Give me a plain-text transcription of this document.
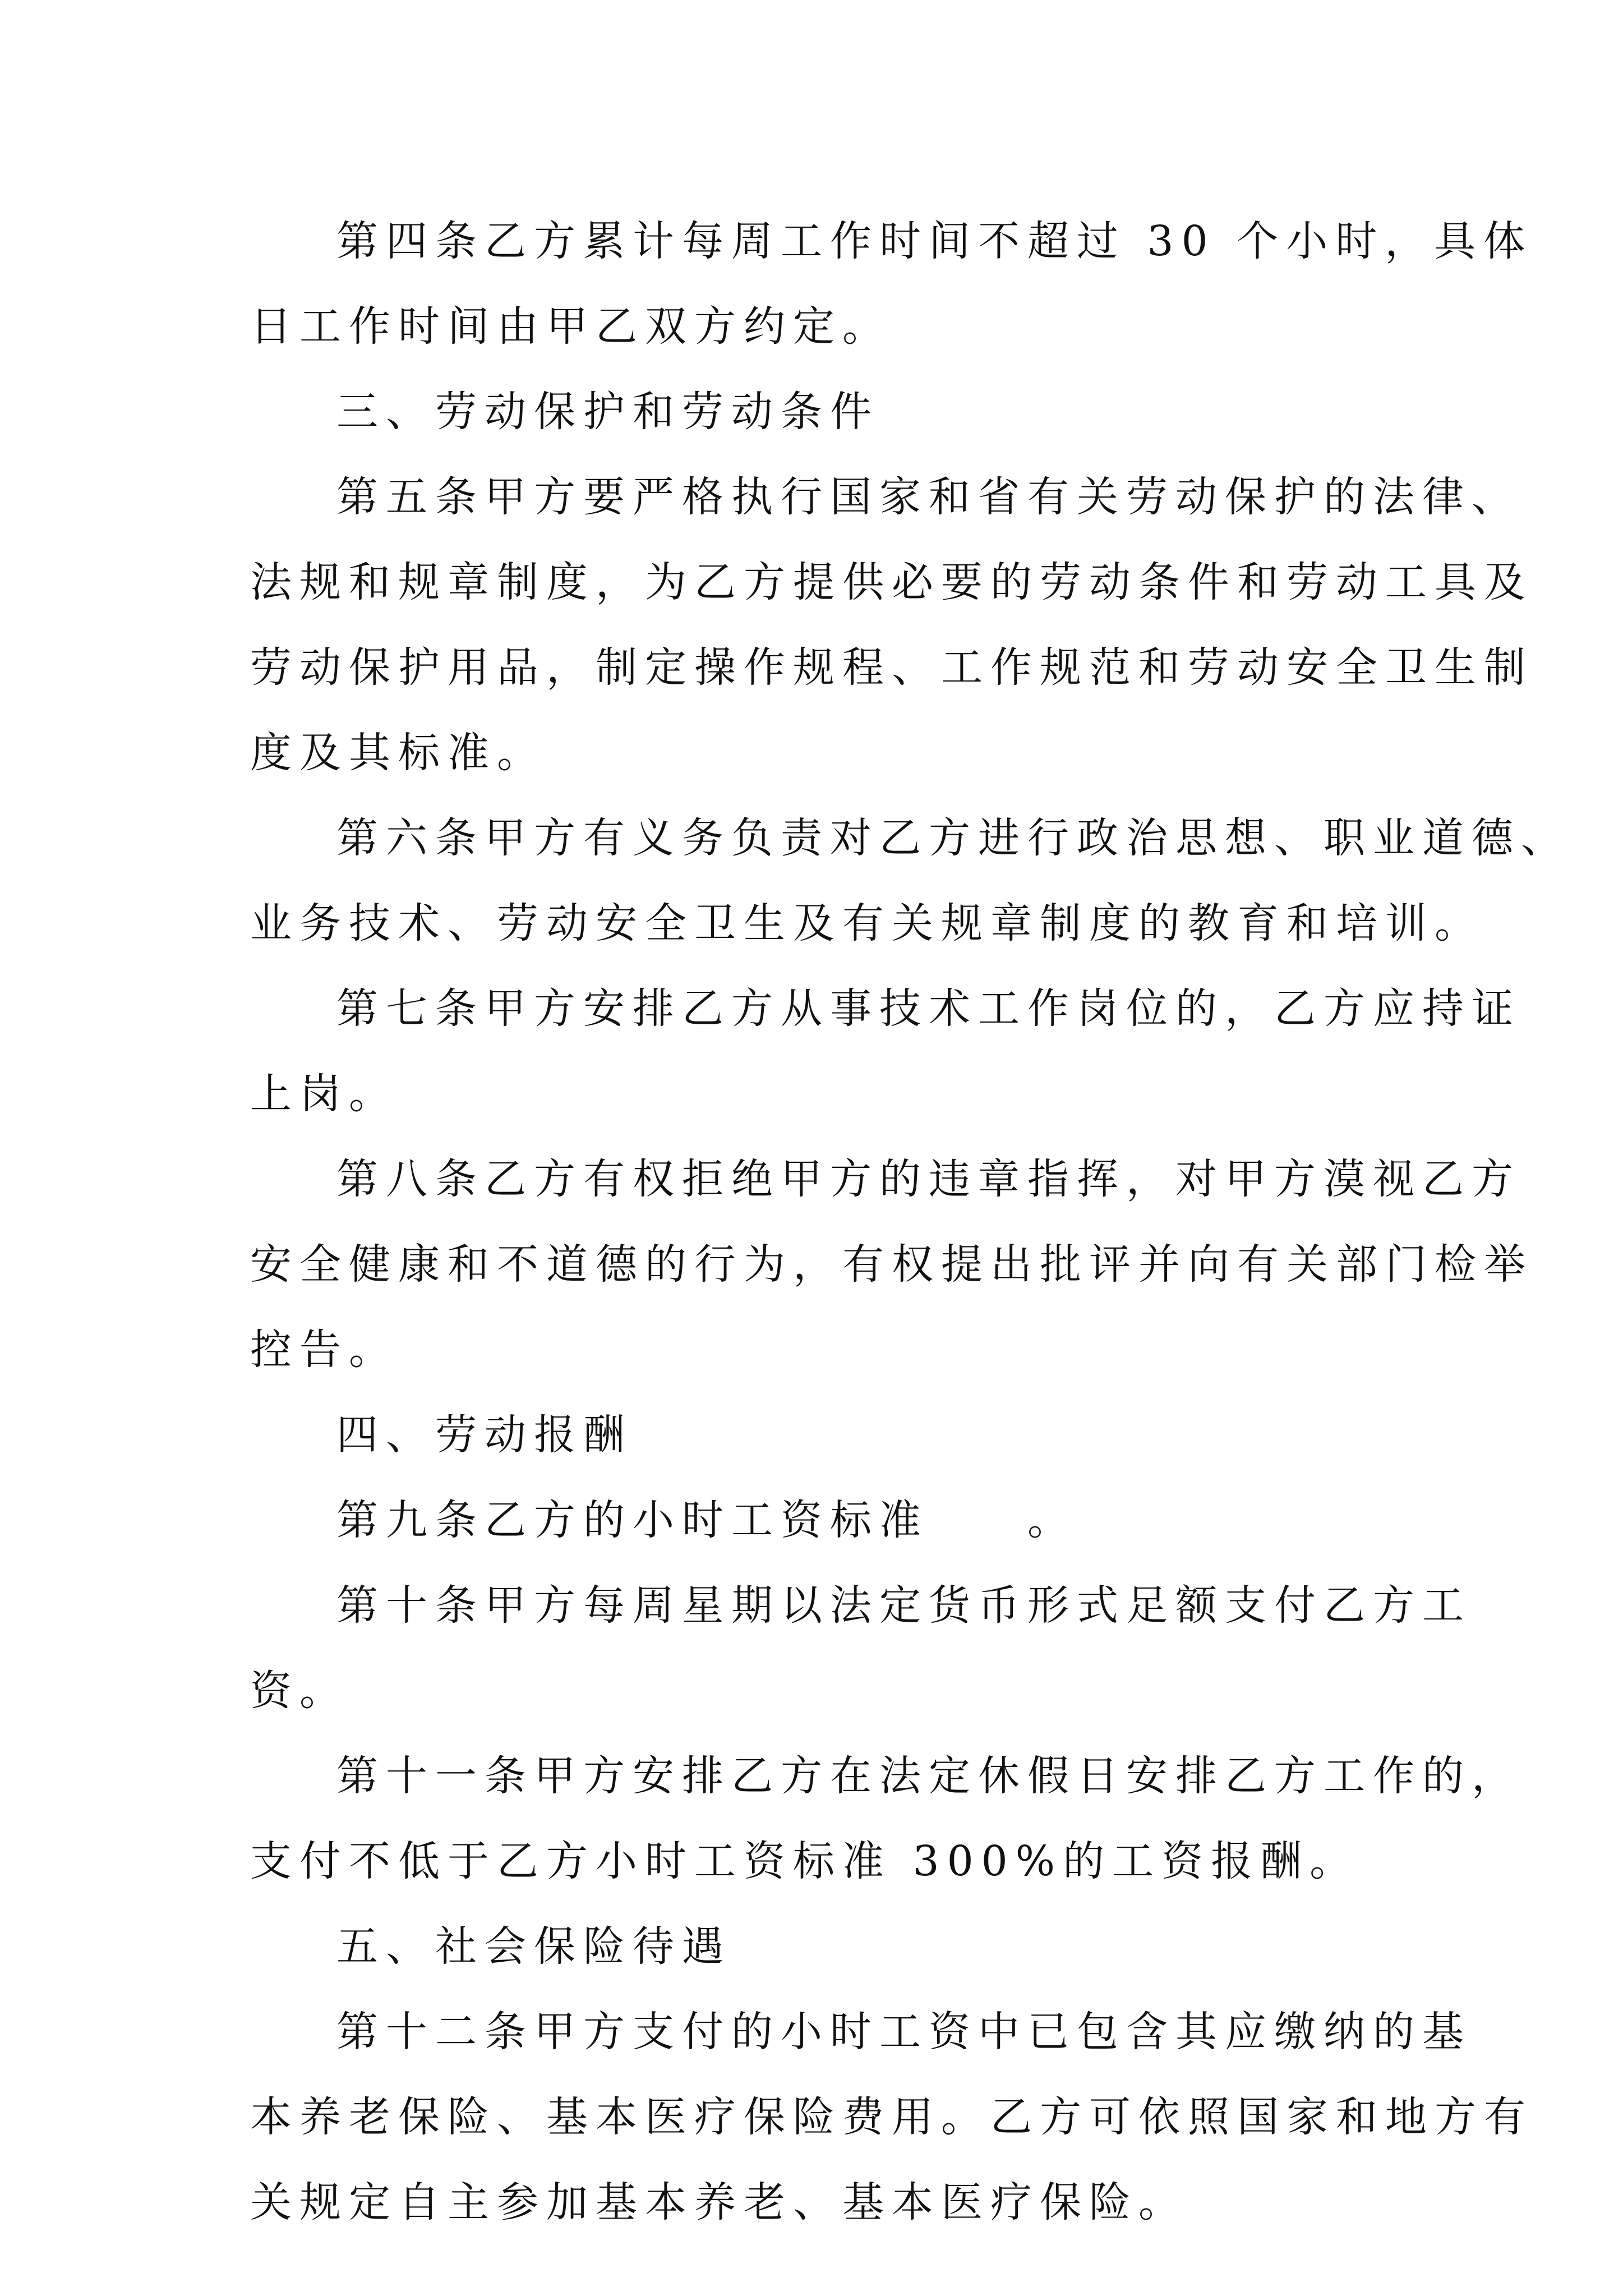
第四条乙方累计每周工作时间不超过 30 个小时，具体
日工作时间由甲乙双方约定。
三、劳动保护和劳动条件
第五条甲方要严格执行国家和省有关劳动保护的法律、
法规和规章制度，为乙方提供必要的劳动条件和劳动工具及
劳动保护用品，制定操作规程、工作规范和劳动安全卫生制
度及其标准。
第六条甲方有义务负责对乙方进行政治思想、职业道德、
业务技术、劳动安全卫生及有关规章制度的教育和培训。
第七条甲方安排乙方从事技术工作岗位的，乙方应持证
上岗。
第八条乙方有权拒绝甲方的违章指挥，对甲方漠视乙方
安全健康和不道德的行为，有权提出批评并向有关部门检举
控告。
四、劳动报酬
第九条乙方的小时工资标准　　。
第十条甲方每周星期以法定货币形式足额支付乙方工
资。
第十一条甲方安排乙方在法定休假日安排乙方工作的，
支付不低于乙方小时工资标准 300%的工资报酬。
五、社会保险待遇
第十二条甲方支付的小时工资中已包含其应缴纳的基
本养老保险、基本医疗保险费用。乙方可依照国家和地方有
关规定自主参加基本养老、基本医疗保险。
